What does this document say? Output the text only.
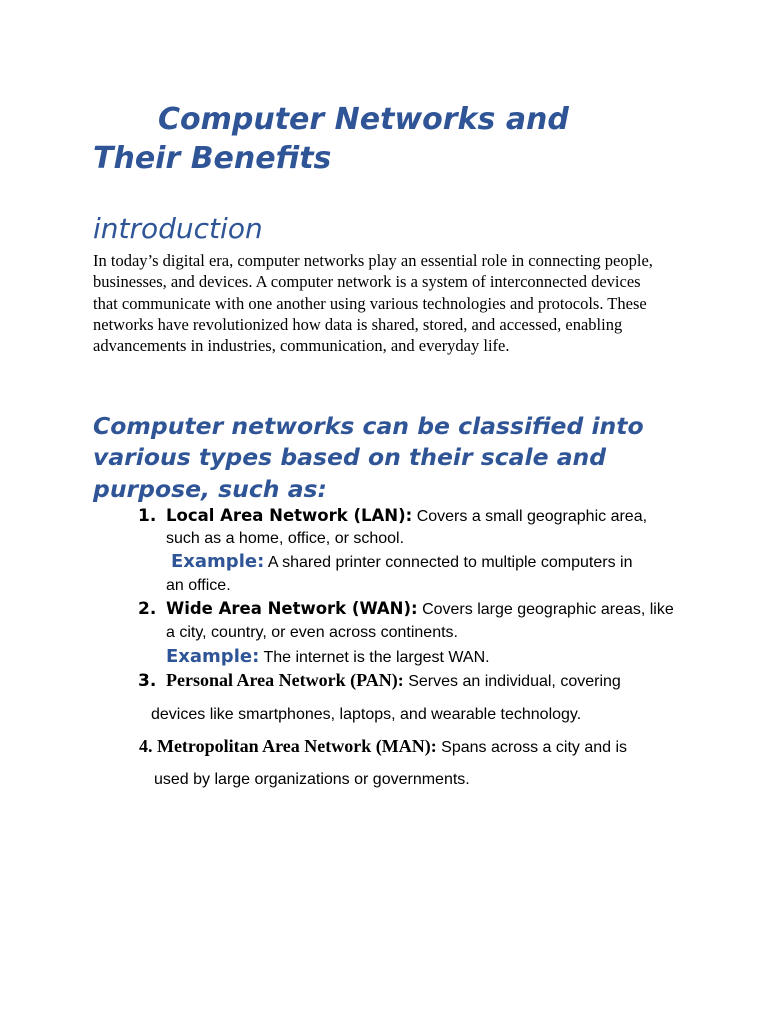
Computer Networks and Their Benefits
introduction

In today’s digital era, computer networks play an essential role in connecting people, businesses, and devices. A computer network is a system of interconnected devices that communicate with one another using various technologies and protocols. These networks have revolutionized how data is shared, stored, and accessed, enabling advancements in industries, communication, and everyday life.

Computer networks can be classified into various types based on their scale and purpose, such as:
1. Local Area Network (LAN): Covers a small geographic area,

such as a home, office, or school.

Example: A shared printer connected to multiple computers in

an office.

2. Wide Area Network (WAN): Covers large geographic areas, like

a city, country, or even across continents.

Example: The internet is the largest WAN.

3. Personal Area Network (PAN): Serves an individual, covering

devices like smartphones, laptops, and wearable technology.

4. Metropolitan Area Network (MAN): Spans across a city and is

used by large organizations or governments.
